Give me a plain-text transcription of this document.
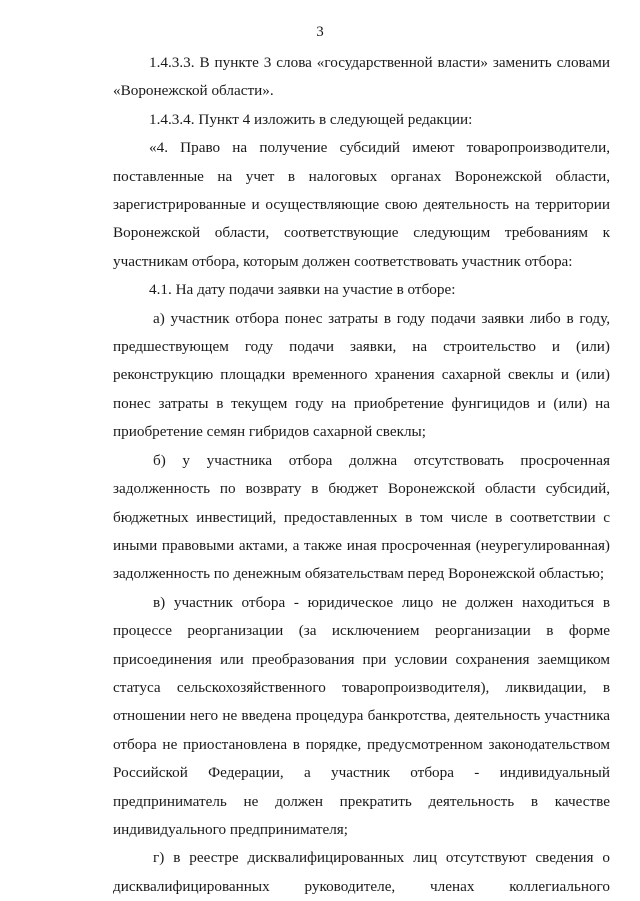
3

1.4.3.3. В пункте 3 слова «государственной власти» заменить словами «Воронежской области».

1.4.3.4. Пункт 4 изложить в следующей редакции:

«4. Право на получение субсидий имеют товаропроизводители, поставленные на учет в налоговых органах Воронежской области, зарегистрированные и осуществляющие свою деятельность на территории Воронежской области, соответствующие следующим требованиям к участникам отбора, которым должен соответствовать участник отбора:

4.1. На дату подачи заявки на участие в отборе:

а) участник отбора понес затраты в году подачи заявки либо в году, предшествующем году подачи заявки, на строительство и (или) реконструкцию площадки временного хранения сахарной свеклы и (или) понес затраты в текущем году на приобретение фунгицидов и (или) на приобретение семян гибридов сахарной свеклы;

б) у участника отбора должна отсутствовать просроченная задолженность по возврату в бюджет Воронежской области субсидий, бюджетных инвестиций, предоставленных в том числе в соответствии с иными правовыми актами, а также иная просроченная (неурегулированная) задолженность по денежным обязательствам перед Воронежской областью;

в) участник отбора - юридическое лицо не должен находиться в процессе реорганизации (за исключением реорганизации в форме присоединения или преобразования при условии сохранения заемщиком статуса сельскохозяйственного товаропроизводителя), ликвидации, в отношении него не введена процедура банкротства, деятельность участника отбора не приостановлена в порядке, предусмотренном законодательством Российской Федерации, а участник отбора - индивидуальный предприниматель не должен прекратить деятельность в качестве индивидуального предпринимателя;

г) в реестре дисквалифицированных лиц отсутствуют сведения о дисквалифицированных руководителе, членах коллегиального
